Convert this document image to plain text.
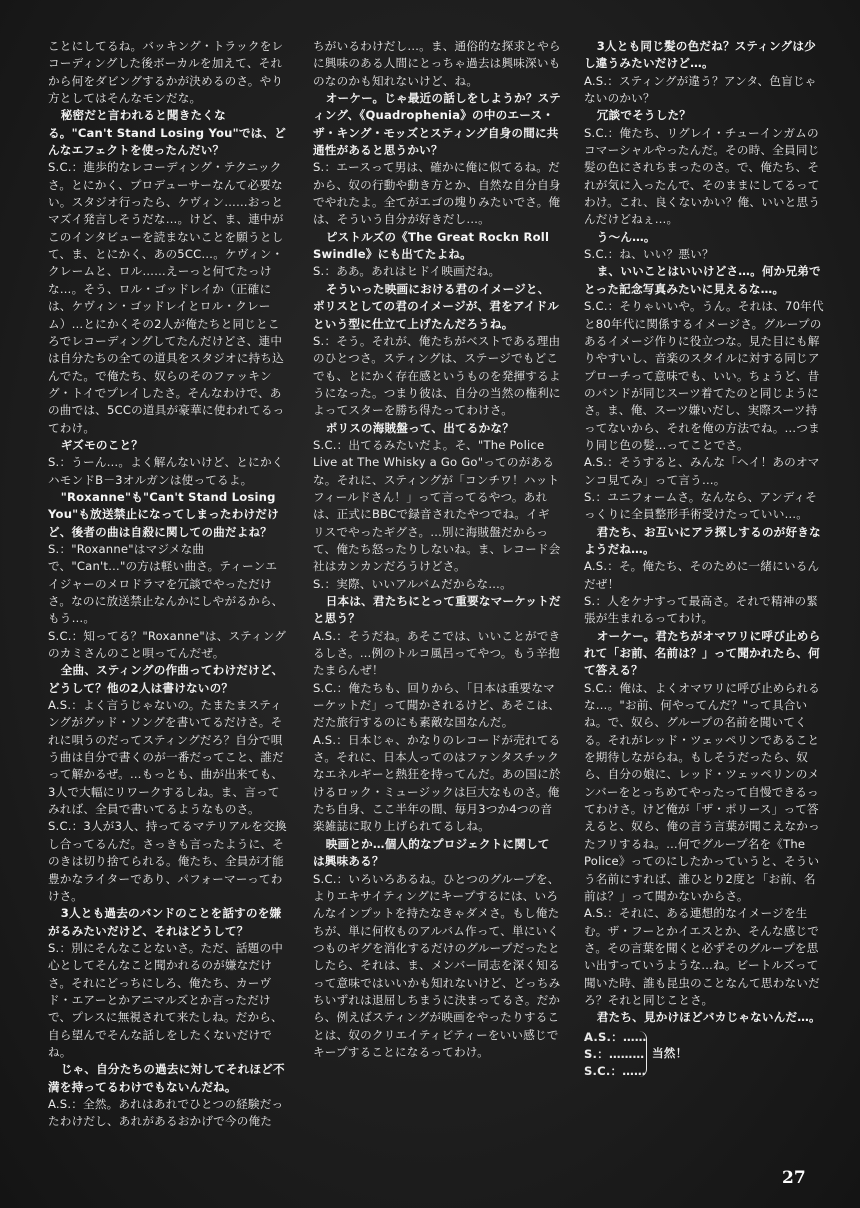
ことにしてるね。バッキング・トラックをレコーディングした後ボーカルを加えて、それから何をダビングするかが決めるのさ。やり方としてはそんなモンだな。
秘密だと言われると聞きたくなる。"Can't Stand Losing You"では、どんなエフェクトを使ったんだい？
S.C.：進歩的なレコーディング・テクニックさ。とにかく、プロデューサーなんて必要ない。スタジオ行ったら、ケヴィン……おっとマズイ発言しそうだな…。けど、ま、連中がこのインタビューを読まないことを願うとして、ま、とにかく、あの5CC…。ケヴィン・クレームと、ロル……えーっと何てたっけな…。そう、ロル・ゴッドレイか（正確には、ケヴィン・ゴッドレイとロル・クレーム）…とにかくその2人が俺たちと同じところでレコーディングしてたんだけどさ、連中は自分たちの全ての道具をスタジオに持ち込んでた。で俺たち、奴らのそのファッキング・トイでプレイしたさ。そんなわけで、あの曲では、5CCの道具が豪華に使われてるってわけ。
ギズモのこと？
S.：うーん…。よく解んないけど、とにかくハモンドB－3オルガンは使ってるよ。
"Roxanne"も"Can't Stand Losing You"も放送禁止になってしまったわけだけど、後者の曲は自殺に関しての曲だよね？
S.："Roxanne"はマジメな曲で、"Can't…"の方は軽い曲さ。ティーンエイジャーのメロドラマを冗談でやっただけさ。なのに放送禁止なんかにしやがるから、もう…。
S.C.：知ってる？"Roxanne"は、スティングのカミさんのこと唄ってんだぜ。
全曲、スティングの作曲ってわけだけど、どうして？他の2人は書けないの？
A.S.：よく言うじゃないの。たまたまスティングがグッド・ソングを書いてるだけさ。それに唄うのだってスティングだろ？自分で唄う曲は自分で書くのが一番だってこと、誰だって解かるぜ。…もっとも、曲が出来ても、3人で大幅にリワークするしね。ま、言ってみれば、全員で書いてるようなものさ。
S.C.：3人が3人、持ってるマテリアルを交換し合ってるんだ。さっきも言ったように、そのきは切り捨てられる。俺たち、全員が才能豊かなライターであり、パフォーマーってわけさ。
3人とも過去のバンドのことを話すのを嫌がるみたいだけど、それはどうして？
S.：別にそんなことないさ。ただ、話題の中心としてそんなこと聞かれるのが嫌なだけさ。それにどっちにしろ、俺たち、カーヴド・エアーとかアニマルズとか言っただけで、プレスに無視されて来たしね。だから、自ら望んでそんな話しをしたくないだけでね。
じゃ、自分たちの過去に対してそれほど不満を持ってるわけでもないんだね。
A.S.：全然。あれはあれでひとつの経験だったわけだし、あれがあるおかげで今の俺た
ちがいるわけだし…。ま、通俗的な探求とやらに興味のある人間にとっちゃ過去は興味深いものなのかも知れないけど、ね。
オーケー。じゃ最近の話しをしようか？スティング、《Quadrophenia》の中のエース・ザ・キング・モッズとスティング自身の間に共通性があると思うかい？
S.：エースって男は、確かに俺に似てるね。だから、奴の行動や動き方とか、自然な自分自身でやれたよ。全てがエゴの塊りみたいでさ。俺は、そういう自分が好きだし…。
ピストルズの《The Great Rockn Roll Swindle》にも出てたよね。
S.：ああ。あれはヒドイ映画だね。
そういった映画における君のイメージと、ポリスとしての君のイメージが、君をアイドルという型に仕立て上げたんだろうね。
S.：そう。それが、俺たちがベストである理由のひとつさ。スティングは、ステージでもどこでも、とにかく存在感というものを発揮するようになった。つまり彼は、自分の当然の権利によってスターを勝ち得たってわけさ。
ポリスの海賊盤って、出てるかな？
S.C.：出てるみたいだよ。そ、"The Police Live at The Whisky a Go Go"ってのがあるな。それに、スティングが「コンチワ！ハットフィールドさん！」って言ってるやつ。あれは、正式にBBCで録音されたやつでね。イギリスでやったギグさ。…別に海賊盤だからって、俺たち怒ったりしないね。ま、レコード会社はカンカンだろうけどさ。
S.：実際、いいアルバムだからな…。
日本は、君たちにとって重要なマーケットだと思う？
A.S.：そうだね。あそこでは、いいことができるしさ。…例のトルコ風呂ってやつ。もう辛抱たまらんぜ！
S.C.：俺たちも、回りから、「日本は重要なマーケットだ」って聞かされるけど、あそこは、だた旅行するのにも素敵な国なんだ。
A.S.：日本じゃ、かなりのレコードが売れてるさ。それに、日本人ってのはファンタスチックなエネルギーと熱狂を持ってんだ。あの国に於けるロック・ミュージックは巨大なものさ。俺たち自身、ここ半年の間、毎月3つか4つの音楽雑誌に取り上げられてるしね。
映画とか…個人的なプロジェクトに関しては興味ある？
S.C.：いろいろあるね。ひとつのグループを、よりエキサイティングにキープするには、いろんなインプットを持たなきゃダメさ。もし俺たちが、単に何枚ものアルバム作って、単にいくつものギグを消化するだけのグループだったとしたら、それは、ま、メンバー同志を深く知るって意味ではいいかも知れないけど、どっちみちいずれは退屈しちまうに決まってるさ。だから、例えばスティングが映画をやったりすることは、奴のクリエイティビティーをいい感じでキープすることになるってわけ。
3人とも同じ髪の色だね？スティングは少し違うみたいだけど…。
A.S.：スティングが違う？アンタ、色盲じゃないのかい？
冗談でそうした？
S.C.：俺たち、リグレイ・チューインガムのコマーシャルやったんだ。その時、全員同じ髪の色にされちまったのさ。で、俺たち、それが気に入ったんで、そのままにしてるってわけ。これ、良くないかい？俺、いいと思うんだけどねぇ…。
う～ん…。
S.C.：ね、いい？悪い？
ま、いいことはいいけどさ…。何か兄弟でとった記念写真みたいに見えるな…。
S.C.：そりゃいいや。うん。それは、70年代と80年代に関係するイメージさ。グループのあるイメージ作りに役立つな。見た目にも解りやすいし、音楽のスタイルに対する同じアプローチって意味でも、いい。ちょうど、昔のバンドが同じスーツ着てたのと同じようにさ。ま、俺、スーツ嫌いだし、実際スーツ持ってないから、それを俺の方法でね。…つまり同じ色の髪…ってことでさ。
A.S.：そうすると、みんな「ヘイ！あのオマンコ見てみ」って言う…。
S.：ユニフォームさ。なんなら、アンディそっくりに全員整形手術受けたっていい…。
君たち、お互いにアラ探しするのが好きなようだね…。
A.S.：そ。俺たち、そのために一緒にいるんだぜ！
S.：人をケナすって最高さ。それで精神の緊張が生まれるってわけ。
オーケー。君たちがオマワリに呼び止められて「お前、名前は？」って聞かれたら、何て答える？
S.C.：俺は、よくオマワリに呼び止められるな…。"お前、何やってんだ？"って具合いね。で、奴ら、グループの名前を聞いてくる。それがレッド・ツェッペリンであることを期待しながらね。もしそうだったら、奴ら、自分の娘に、レッド・ツェッペリンのメンバーをとっちめてやったって自慢できるってわけさ。けど俺が「ザ・ポリース」って答えると、奴ら、俺の言う言葉が聞こえなかったフリするね。…何でグループ名を《The Police》ってのにしたかっていうと、そういう名前にすれば、誰ひとり2度と「お前、名前は？」って聞かないからさ。
A.S.：それに、ある連想的なイメージを生む。ザ・フーとかイエスとか、そんな感じでさ。その言葉を聞くと必ずそのグループを思い出すっていうような…ね。ビートルズって聞いた時、誰も昆虫のことなんて思わないだろ？それと同じことさ。
君たち、見かけほどバカじゃないんだ…。
A.S.：……
S.：………
S.C.：……
当然！
27
